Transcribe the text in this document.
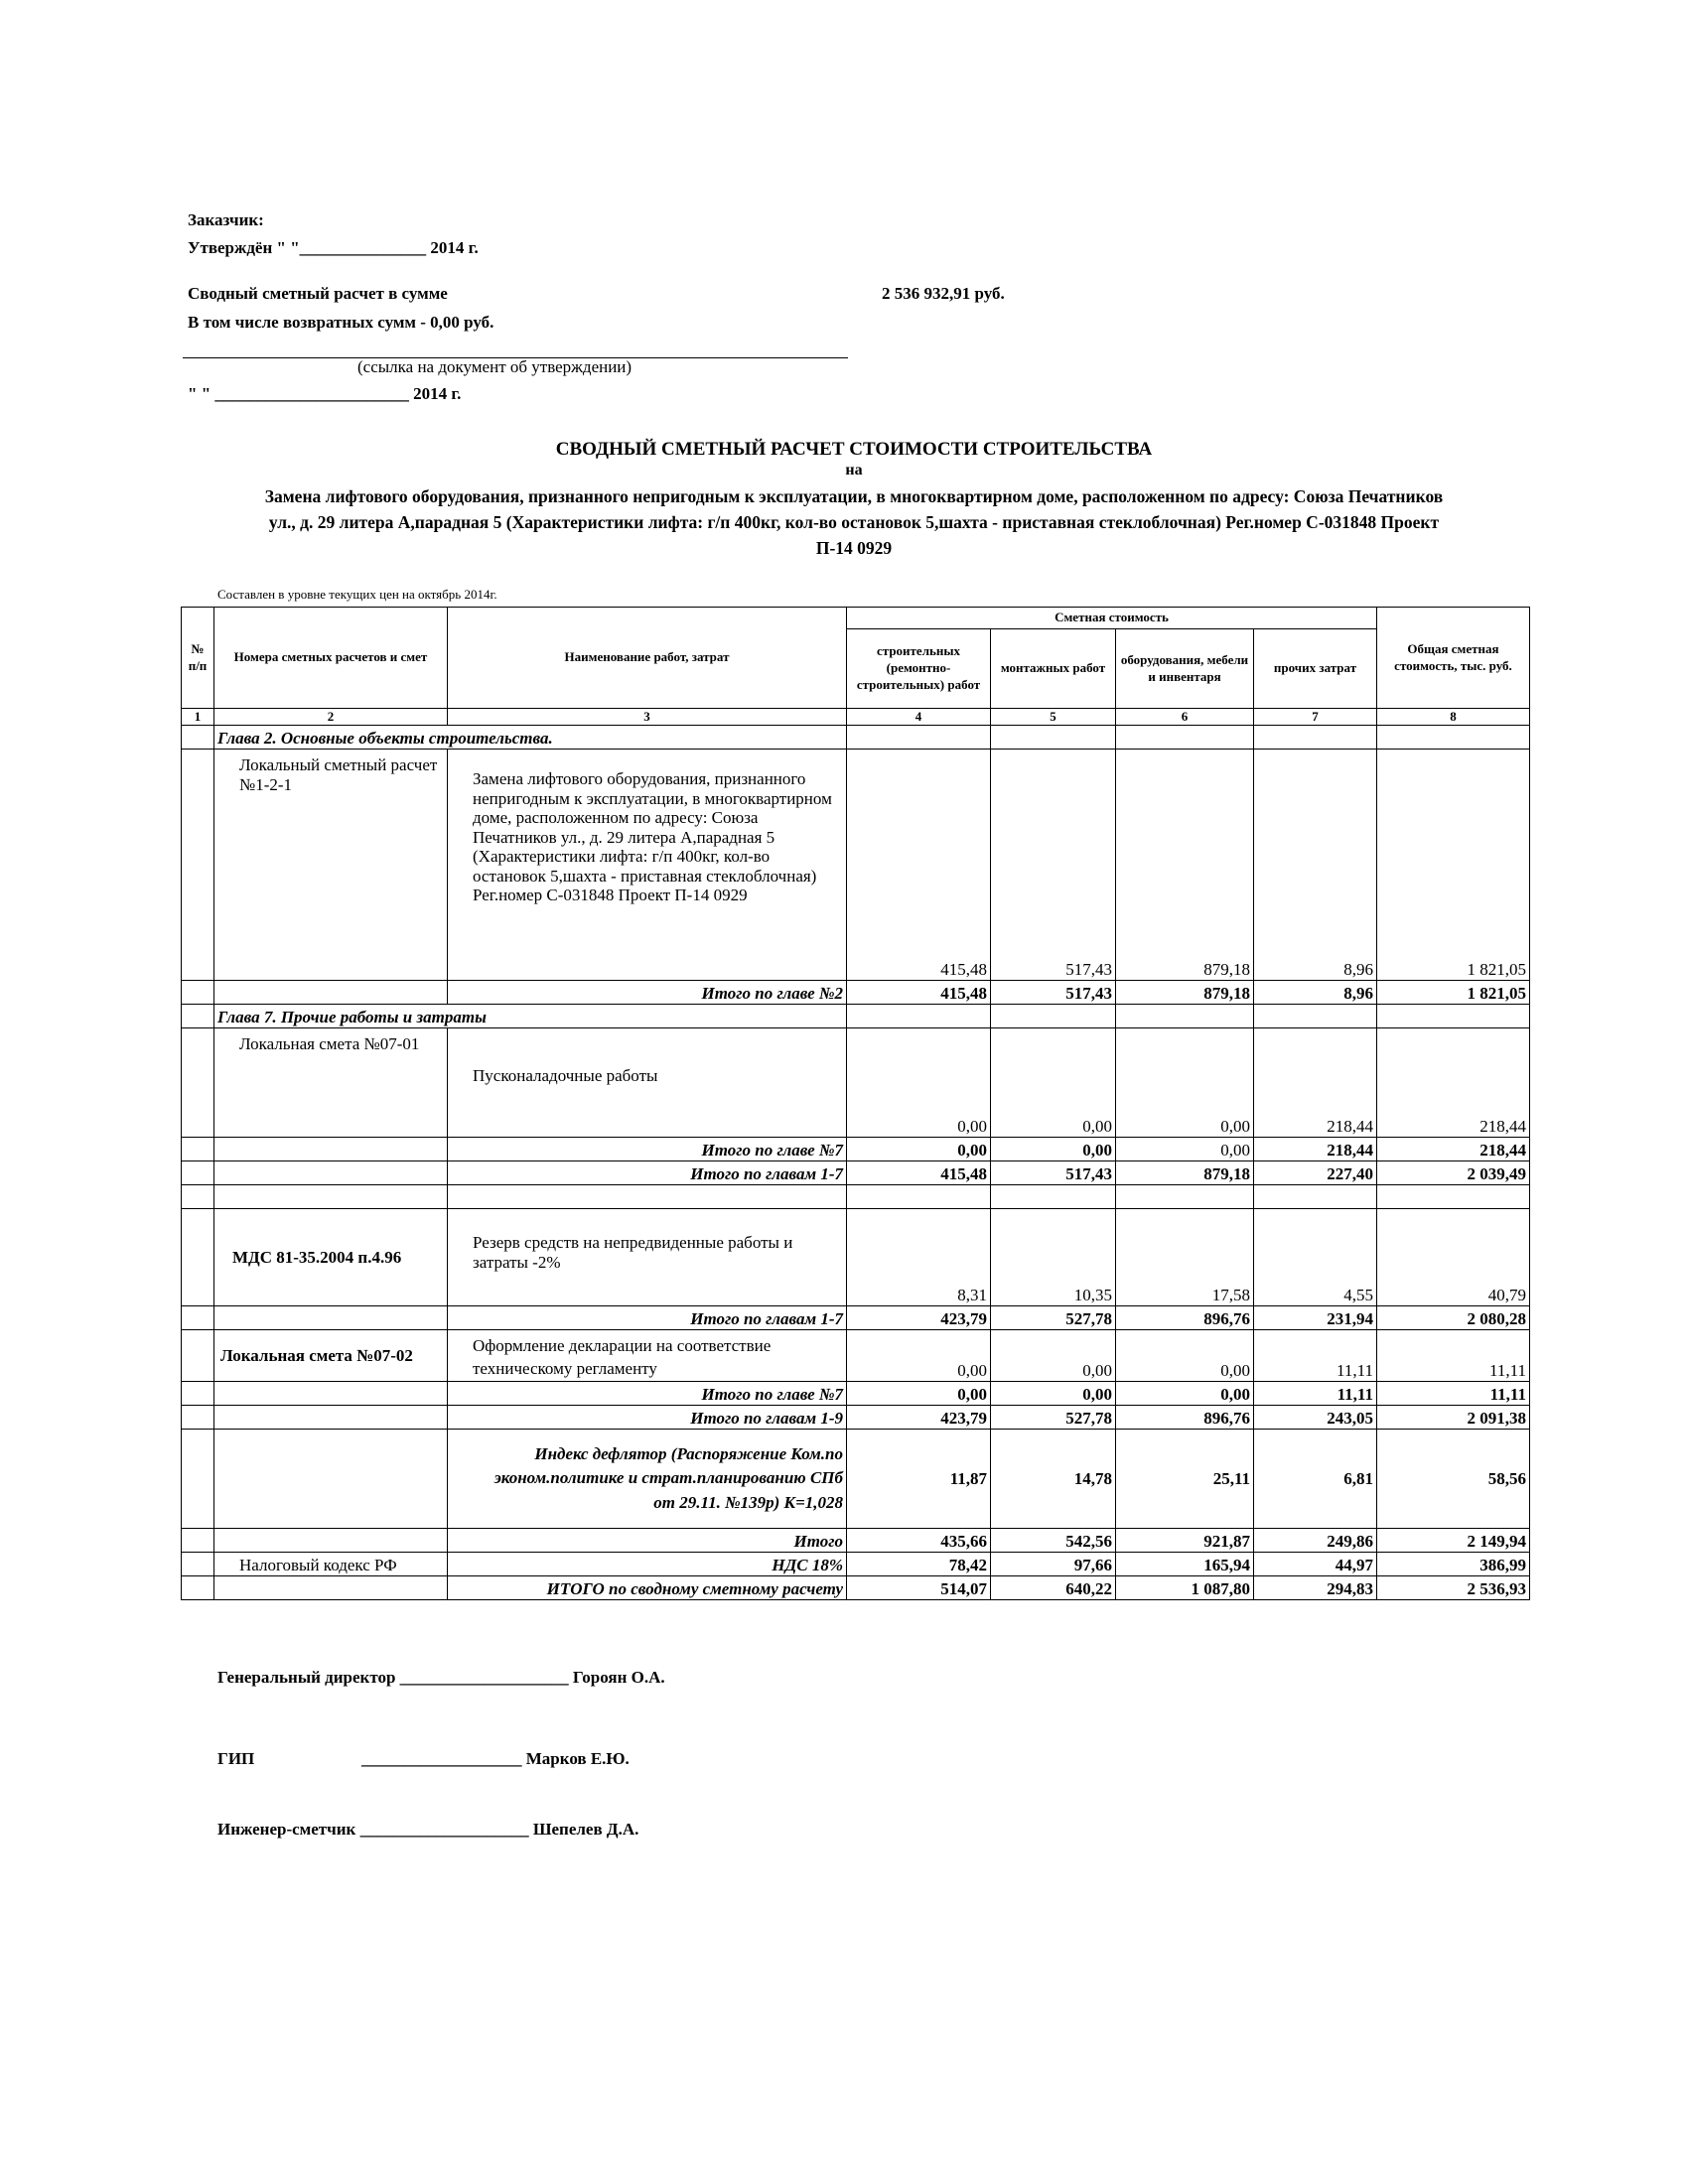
Заказчик:
Утверждён " "_______________ 2014 г.
Сводный сметный расчет в сумме	2 536 932,91 руб.
В том числе возвратных сумм - 0,00 руб.
(ссылка на документ об утверждении)
" " _______________________ 2014 г.
СВОДНЫЙ СМЕТНЫЙ РАСЧЕТ СТОИМОСТИ СТРОИТЕЛЬСТВА
на
Замена лифтового оборудования, признанного непригодным к эксплуатации, в многоквартирном доме, расположенном по адресу: Союза Печатников
ул., д. 29 литера А,парадная 5 (Характеристики лифта: г/п 400кг, кол-во остановок 5,шахта - приставная стеклоблочная) Рег.номер С-031848 Проект
П-14 0929
Составлен в уровне текущих цен на октябрь 2014г.
№ п/п	Номера сметных расчетов и смет	Наименование работ, затрат	Сметная стоимость				Общая сметная стоимость, тыс. руб.
			строительных (ремонтно-строительных) работ	монтажных работ	оборудования, мебели и инвентаря	прочих затрат	
1	2	3	4	5	6	7	8
	Глава 2. Основные объекты строительства.						
	Локальный сметный расчет №1-2-1	Замена лифтового оборудования, признанного непригодным к эксплуатации, в многоквартирном доме, расположенном по адресу: Союза Печатников ул., д. 29 литера А,парадная 5 (Характеристики лифта: г/п 400кг, кол-во остановок 5,шахта - приставная стеклоблочная) Рег.номер С-031848 Проект П-14 0929	415,48	517,43	879,18	8,96	1 821,05
		Итого по главе №2	415,48	517,43	879,18	8,96	1 821,05
	Глава 7. Прочие работы и затраты						
	Локальная смета №07-01	Пусконаладочные работы	0,00	0,00	0,00	218,44	218,44
		Итого по главе №7	0,00	0,00	0,00	218,44	218,44
		Итого по главам 1-7	415,48	517,43	879,18	227,40	2 039,49

	МДС 81-35.2004 п.4.96	Резерв средств на непредвиденные работы и затраты -2%	8,31	10,35	17,58	4,55	40,79
		Итого по главам 1-7	423,79	527,78	896,76	231,94	2 080,28
	Локальная смета №07-02	Оформление декларации на соответствие техническому регламенту	0,00	0,00	0,00	11,11	11,11
		Итого по главе №7	0,00	0,00	0,00	11,11	11,11
		Итого по главам 1-9	423,79	527,78	896,76	243,05	2 091,38
		Индекс дефлятор (Распоряжение Ком.по эконом.политике и страт.планированию СПб от 29.11. №139р) К=1,028	11,87	14,78	25,11	6,81	58,56
		Итого	435,66	542,56	921,87	249,86	2 149,94
	Налоговый кодекс РФ	НДС 18%	78,42	97,66	165,94	44,97	386,99
		ИТОГО по сводному сметному расчету	514,07	640,22	1 087,80	294,83	2 536,93
Генеральный директор ____________________ Гороян О.А.
ГИП	___________________ Марков Е.Ю.
Инженер-сметчик ____________________ Шепелев Д.А.
